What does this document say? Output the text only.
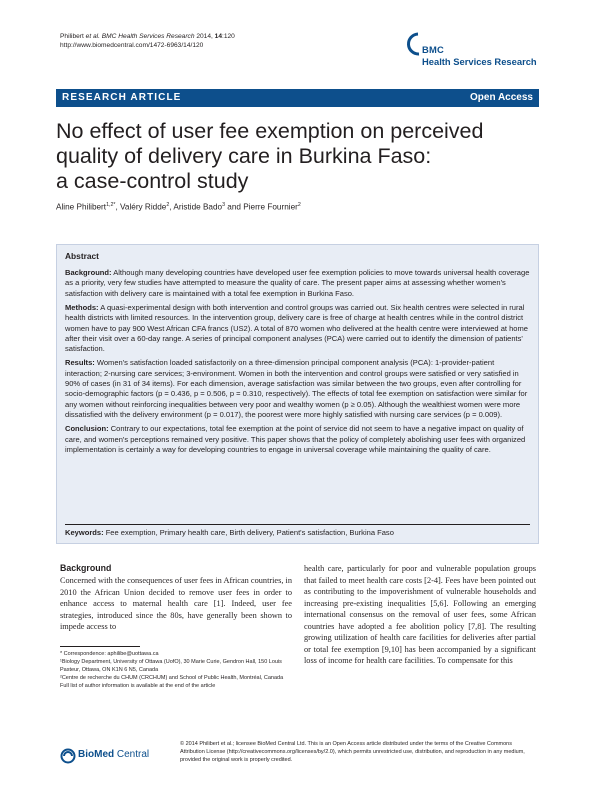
Philibert et al. BMC Health Services Research 2014, 14:120
http://www.biomedcentral.com/1472-6963/14/120	BMC
Health Services Research
RESEARCH ARTICLE	Open Access
No effect of user fee exemption on perceived
quality of delivery care in Burkina Faso:
a case-control study
Aline Philibert$^{1,2*}$, Valéry Ridde$^2$, Aristide Bado$^3$ and Pierre Fournier$^2$
Abstract

Background: Although many developing countries have developed user fee exemption policies to move towards universal health coverage as a priority, very few studies have attempted to measure the quality of care. The present paper aims at assessing whether women's satisfaction with delivery care is maintained with a total fee exemption in Burkina Faso.

Methods: A quasi-experimental design with both intervention and control groups was carried out. Six health centres were selected in rural health districts with limited resources. In the intervention group, delivery care is free of charge at health centres while in the control district women have to pay 900 West African CFA francs (US2). A total of 870 women who delivered at the health centre were interviewed at home after their visit over a 60-day range. A series of principal component analyses (PCA) were carried out to identify the dimension of patients' satisfaction.

Results: Women's satisfaction loaded satisfactorily on a three-dimension principal component analysis (PCA): 1-provider-patient interaction; 2-nursing care services; 3-environment. Women in both the intervention and control groups were satisfied or very satisfied in 90% of cases (in 31 of 34 items). For each dimension, average satisfaction was similar between the two groups, even after controlling for socio-demographic factors (p = 0.436, p = 0.506, p = 0.310, respectively). The effects of total fee exemption on satisfaction were similar for any women without reinforcing inequalities between very poor and wealthy women (p ≥ 0.05). Although the wealthiest women were more dissatisfied with the delivery environment (p = 0.017), the poorest were more highly satisfied with nursing care services (p = 0.009).

Conclusion: Contrary to our expectations, total fee exemption at the point of service did not seem to have a negative impact on quality of care, and women's perceptions remained very positive. This paper shows that the policy of completely abolishing user fees with organized implementation is certainly a way for developing countries to engage in universal coverage while maintaining the quality of care.

Keywords: Fee exemption, Primary health care, Birth delivery, Patient's satisfaction, Burkina Faso
Background
Concerned with the consequences of user fees in African countries, in 2010 the African Union decided to remove user fees in order to enhance access to maternal health care [1]. Indeed, user fee strategies, introduced since the 80s, have generally been shown to impede access to
health care, particularly for poor and vulnerable population groups that failed to meet health care costs [2-4]. Fees have been pointed out as contributing to the impoverishment of vulnerable households and increasing pre-existing inequalities [5,6]. Following an emerging international consensus on the removal of user fees, some African countries have adopted a fee abolition policy [7,8]. The resulting growing utilization of health care facilities for deliveries after partial or total fee exemption [9,10] has been accompanied by a significant loss of income for health care facilities. To compensate for this
* Correspondence: aphilibe@uottawa.ca
¹Biology Department, University of Ottawa (UofO), 30 Marie Curie, Gendron Hall, 150 Louis Pasteur, Ottawa, ON K1N 6 N5, Canada
²Centre de recherche du CHUM (CRCHUM) and School of Public Health, Montréal, Canada
Full list of author information is available at the end of the article
BioMed Central
© 2014 Philibert et al.; licensee BioMed Central Ltd. This is an Open Access article distributed under the terms of the Creative Commons Attribution License (http://creativecommons.org/licenses/by/2.0), which permits unrestricted use, distribution, and reproduction in any medium, provided the original work is properly credited.
